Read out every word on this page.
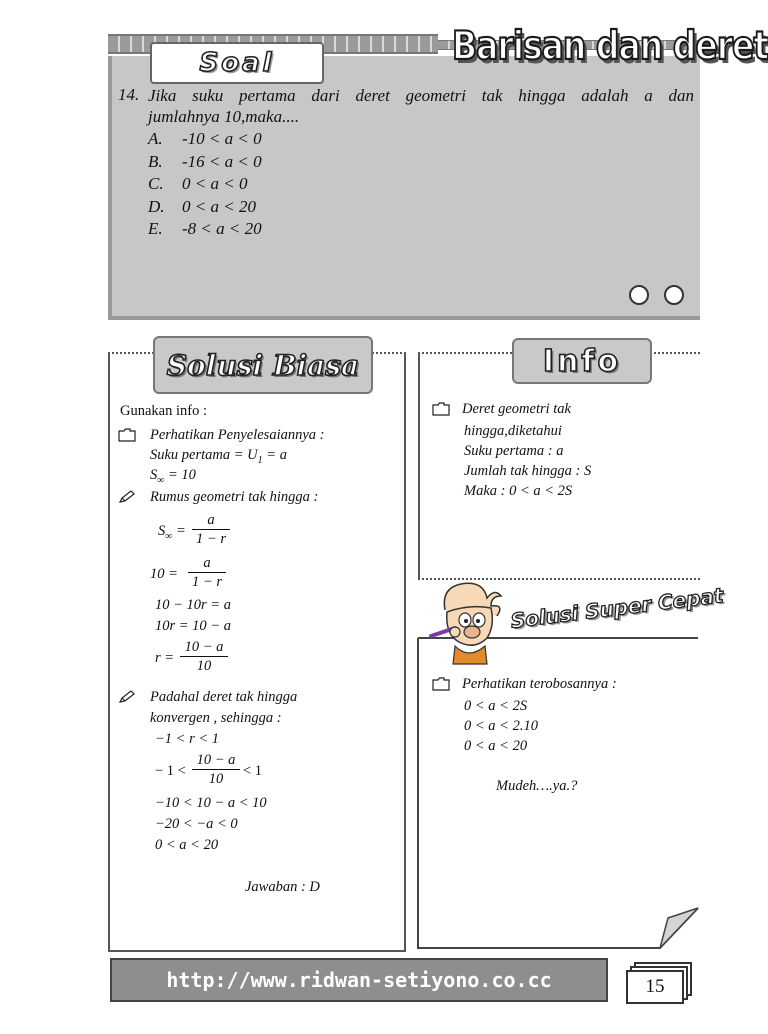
Soal	Barisan dan deret
14. Jika suku pertama dari deret geometri tak hingga adalah a dan
jumlahnya 10,maka....
A.	-10 < a < 0
B.	-16 < a < 0
C.	0 < a < 0
D.	0 < a < 20
E.	-8 < a < 20
Solusi Biasa
Gunakan info :
Perhatikan Penyelesaiannya :
Suku pertama = $U_1 = a$
$S_\infty = 10$
Rumus geometri tak hingga :
$S_\infty = \frac{a}{1 - r}$
$10 = \frac{a}{1 - r}$
10 − 10r = a
10r = 10 − a
$r = \frac{10 - a}{10}$
Padahal deret tak hingga
konvergen , sehingga :
−1 < r < 1
− $1 < \frac{10 - a}{10} < 1$
−10 < 10 − a < 10
−20 < −a < 0
0 < a < 20
Jawaban : D
Info
Deret geometri tak
hingga,diketahui
Suku pertama : a
Jumlah tak hingga : S
Maka : 0 < a < 2S
Solusi Super Cepat
Perhatikan terobosannya :
0 < a < 2S
0 < a < 2.10
0 < a < 20
Mudeh….ya.?
http://www.ridwan-setiyono.co.cc	15
